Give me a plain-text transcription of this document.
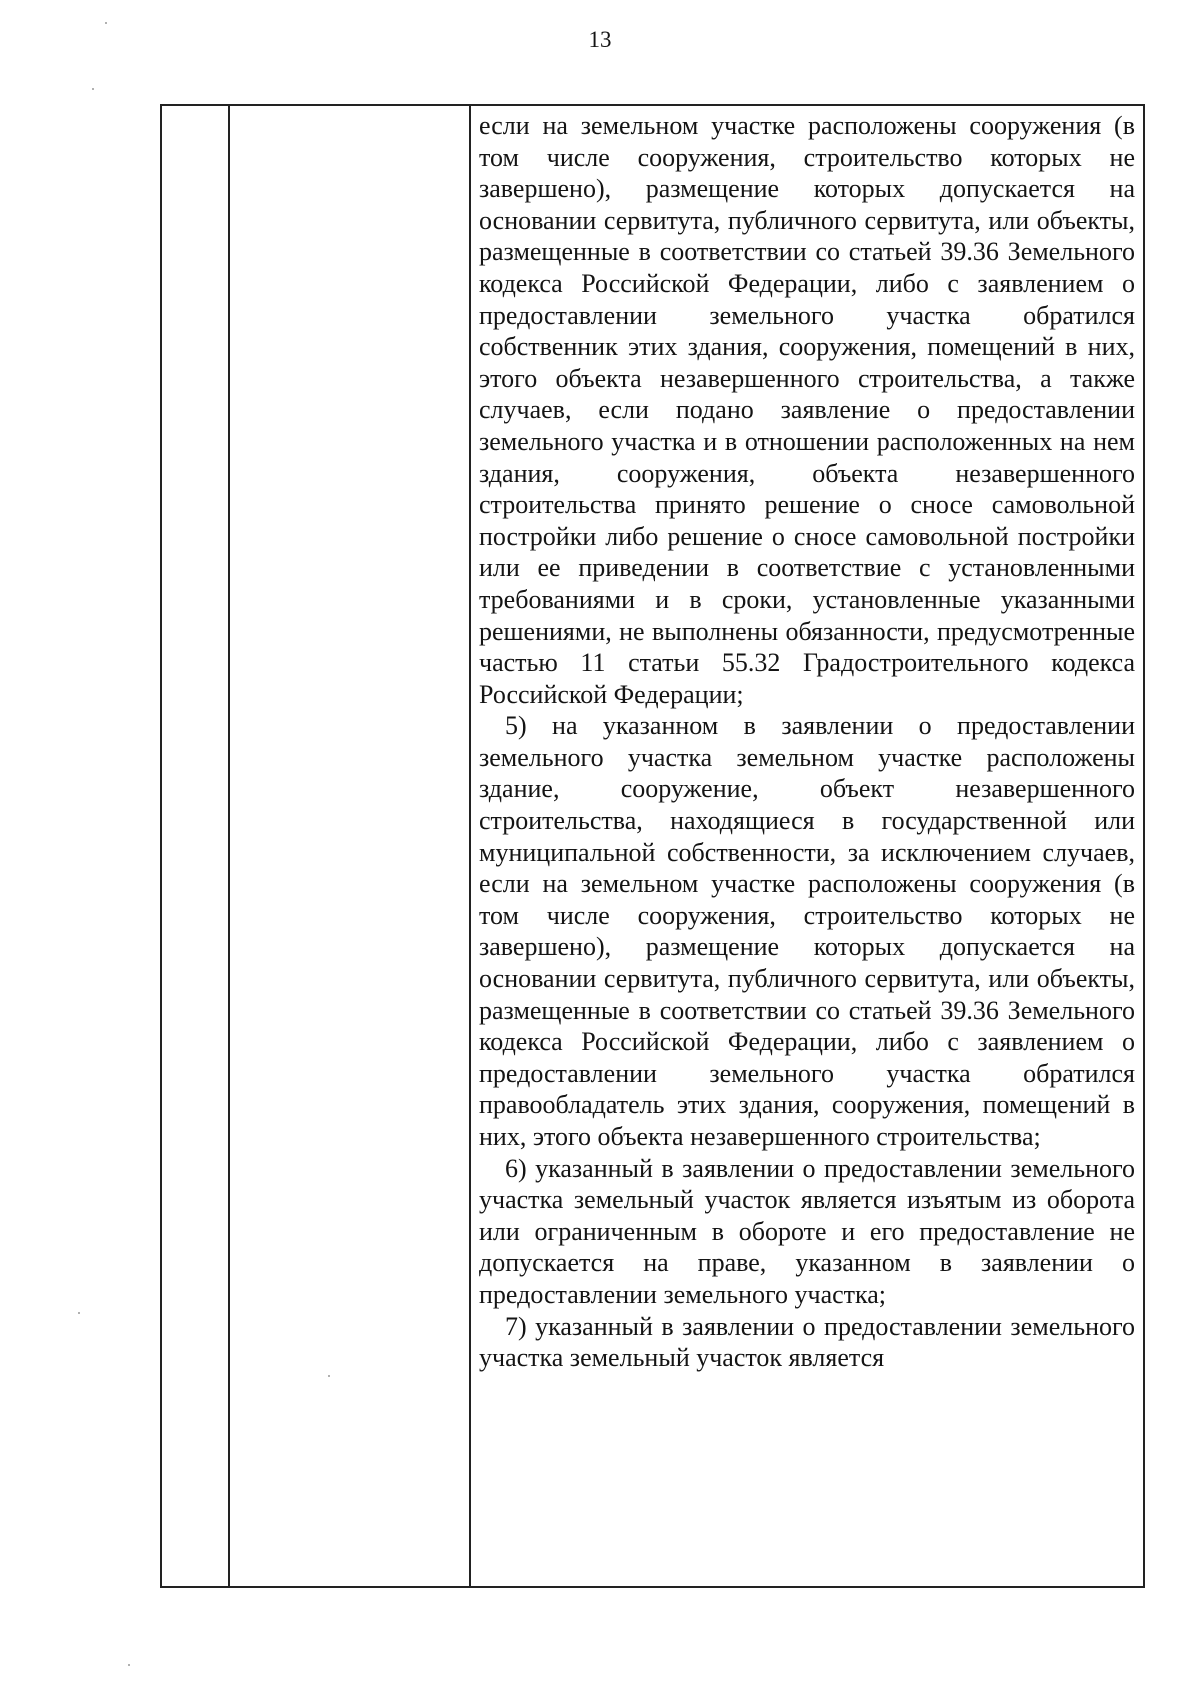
13

если на земельном участке расположены сооружения (в том числе сооружения, строительство которых не завершено), размещение которых допускается на основании сервитута, публичного сервитута, или объекты, размещенные в соответствии со статьей 39.36 Земельного кодекса Российской Федерации, либо с заявлением о предоставлении земельного участка обратился собственник этих здания, сооружения, помещений в них, этого объекта незавершенного строительства, а также случаев, если подано заявление о предоставлении земельного участка и в отношении расположенных на нем здания, сооружения, объекта незавершенного строительства принято решение о сносе самовольной постройки либо решение о сносе самовольной постройки или ее приведении в соответствие с установленными требованиями и в сроки, установленные указанными решениями, не выполнены обязанности, предусмотренные частью 11 статьи 55.32 Градостроительного кодекса Российской Федерации;

5) на указанном в заявлении о предоставлении земельного участка земельном участке расположены здание, сооружение, объект незавершенного строительства, находящиеся в государственной или муниципальной собственности, за исключением случаев, если на земельном участке расположены сооружения (в том числе сооружения, строительство которых не завершено), размещение которых допускается на основании сервитута, публичного сервитута, или объекты, размещенные в соответствии со статьей 39.36 Земельного кодекса Российской Федерации, либо с заявлением о предоставлении земельного участка обратился правообладатель этих здания, сооружения, помещений в них, этого объекта незавершенного строительства;

6) указанный в заявлении о предоставлении земельного участка земельный участок является изъятым из оборота или ограниченным в обороте и его предоставление не допускается на праве, указанном в заявлении о предоставлении земельного участка;

7) указанный в заявлении о предоставлении земельного участка земельный участок является
